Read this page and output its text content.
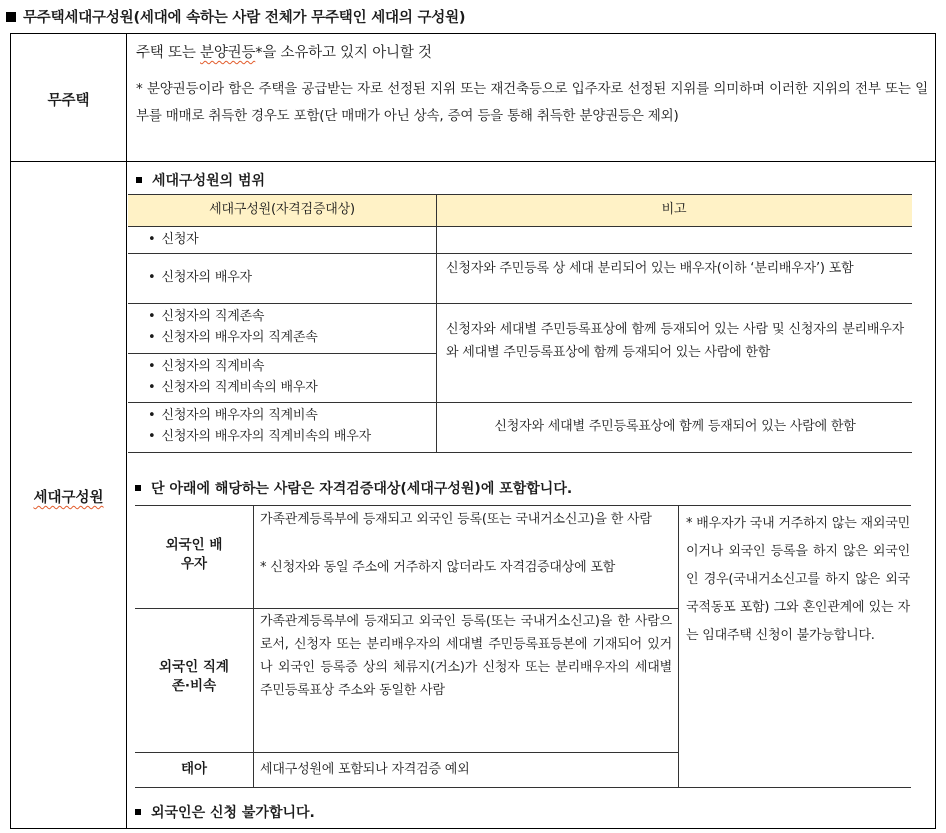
무주택세대구성원(세대에 속하는 사람 전체가 무주택인 세대의 구성원)
무주택
주택 또는 분양권등*을 소유하고 있지 아니할 것
* 분양권등이라 함은 주택을 공급받는 자로 선정된 지위 또는 재건축등으로 입주자로 선정된 지위를 의미하며 이러한 지위의 전부 또는 일부를 매매로 취득한 경우도 포함(단 매매가 아닌 상속, 증여 등을 통해 취득한 분양권등은 제외)
세대구성원
세대구성원의 범위
세대구성원(자격검증대상)	비고
• 신청자
• 신청자의 배우자
신청자와 주민등록 상 세대 분리되어 있는 배우자(이하 ‘분리배우자’) 포함
• 신청자의 직계존속
• 신청자의 배우자의 직계존속
• 신청자의 직계비속
• 신청자의 직계비속의 배우자
신청자와 세대별 주민등록표상에 함께 등재되어 있는 사람 및 신청자의 분리배우자와 세대별 주민등록표상에 함께 등재되어 있는 사람에 한함
• 신청자의 배우자의 직계비속
• 신청자의 배우자의 직계비속의 배우자
신청자와 세대별 주민등록표상에 함께 등재되어 있는 사람에 한함
단 아래에 해당하는 사람은 자격검증대상(세대구성원)에 포함합니다.
외국인 배우자
가족관계등록부에 등재되고 외국인 등록(또는 국내거소신고)을 한 사람
* 신청자와 동일 주소에 거주하지 않더라도 자격검증대상에 포함
외국인 직계존·비속
가족관계등록부에 등재되고 외국인 등록(또는 국내거소신고)을 한 사람으로서, 신청자 또는 분리배우자의 세대별 주민등록표등본에 기재되어 있거나 외국인 등록증 상의 체류지(거소)가 신청자 또는 분리배우자의 세대별 주민등록표상 주소와 동일한 사람
태아	세대구성원에 포함되나 자격검증 예외
* 배우자가 국내 거주하지 않는 재외국민이거나 외국인 등록을 하지 않은 외국인인 경우(국내거소신고를 하지 않은 외국국적동포 포함) 그와 혼인관계에 있는 자는 임대주택 신청이 불가능합니다.
외국인은 신청 불가합니다.
